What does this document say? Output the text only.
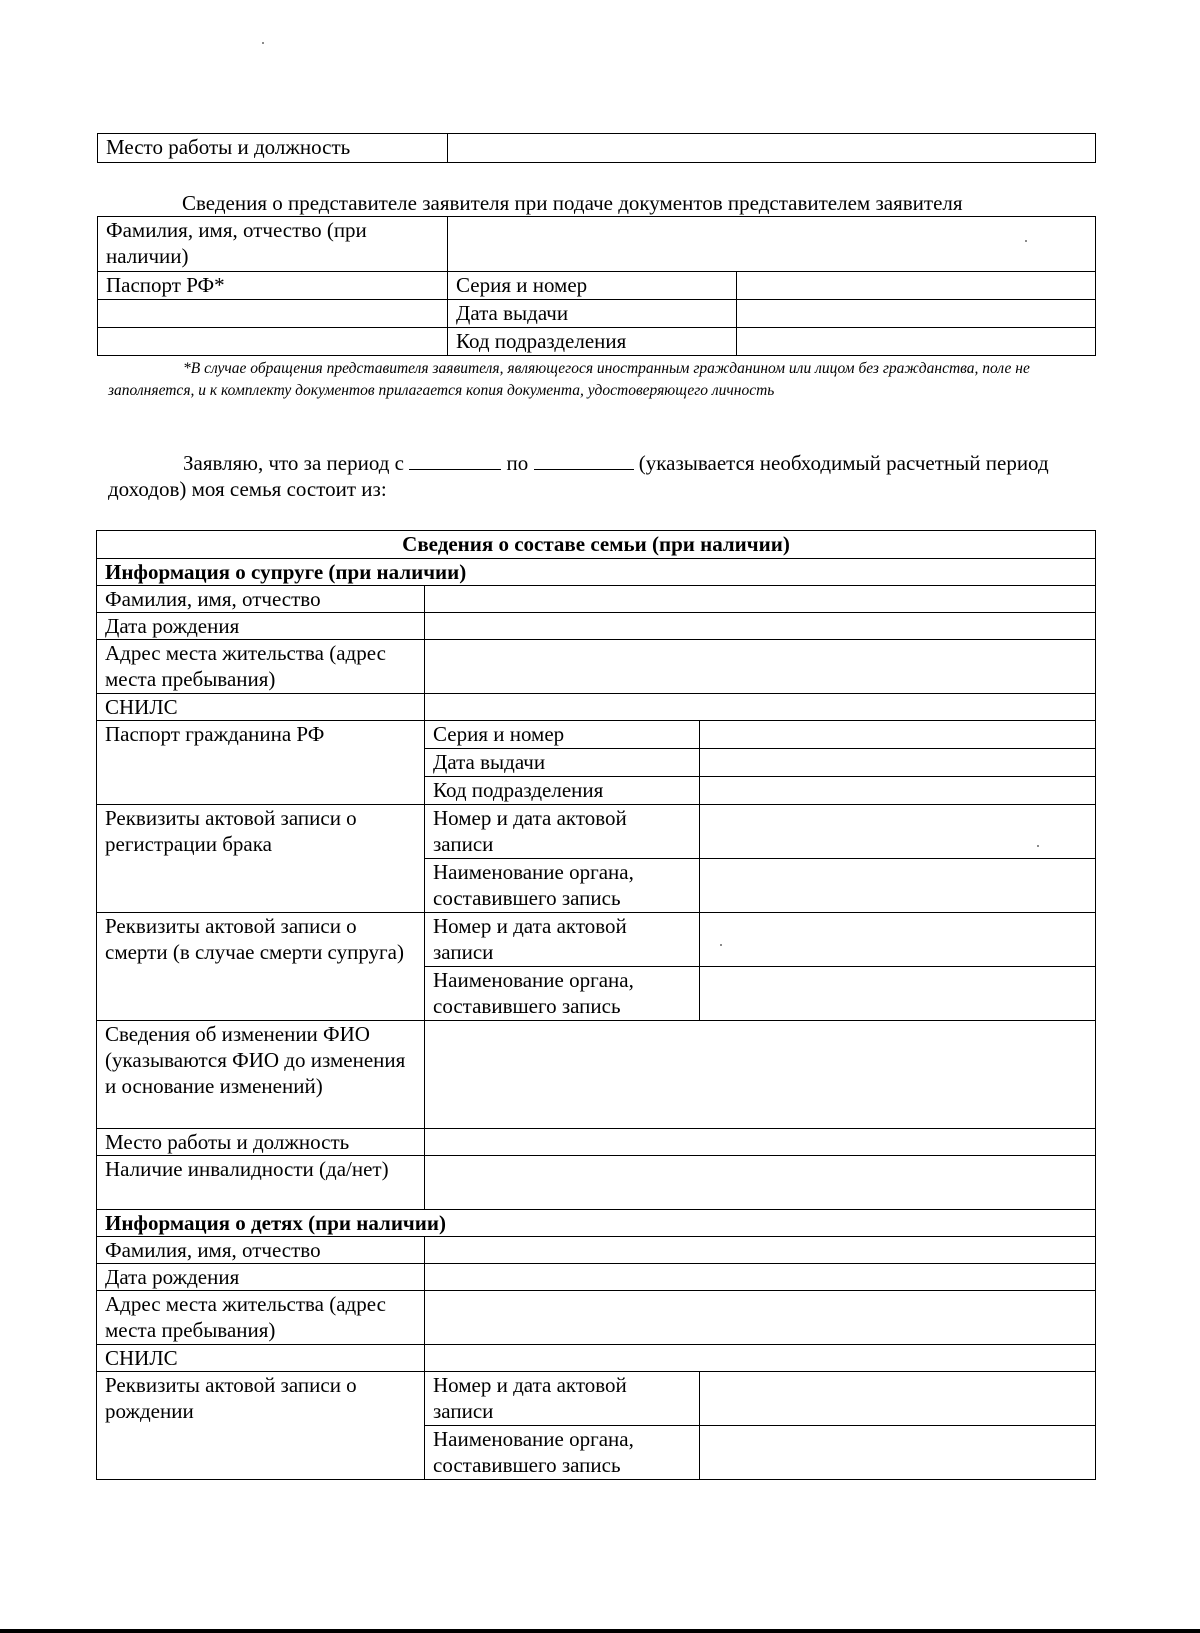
Место работы и должность	
Сведения о представителе заявителя при подаче документов представителем заявителя
Фамилия, имя, отчество (при наличии)		
Паспорт РФ*	Серия и номер	
	Дата выдачи	
	Код подразделения	
*В случае обращения представителя заявителя, являющегося иностранным гражданином или лицом без гражданства, поле не заполняется, и к комплекту документов прилагается копия документа, удостоверяющего личность
Заявляю, что за период с	по	(указывается необходимый расчетный период доходов) моя семья состоит из:
Сведения о составе семьи (при наличии)		
Информация о супруге (при наличии)		
Фамилия, имя, отчество		
Дата рождения		
Адрес места жительства (адрес места пребывания)		
СНИЛС		
Паспорт гражданина РФ	Серия и номер	
	Дата выдачи	
	Код подразделения	
Реквизиты актовой записи о регистрации брака	Номер и дата актовой записи	
	Наименование органа, составившего запись	
Реквизиты актовой записи о смерти (в случае смерти супруга)	Номер и дата актовой записи	
	Наименование органа, составившего запись	
Сведения об изменении ФИО (указываются ФИО до изменения и основание изменений)		
Место работы и должность		
Наличие инвалидности (да/нет)		
Информация о детях (при наличии)		
Фамилия, имя, отчество		
Дата рождения		
Адрес места жительства (адрес места пребывания)		
СНИЛС		
Реквизиты актовой записи о рождении	Номер и дата актовой записи	
	Наименование органа, составившего запись	
